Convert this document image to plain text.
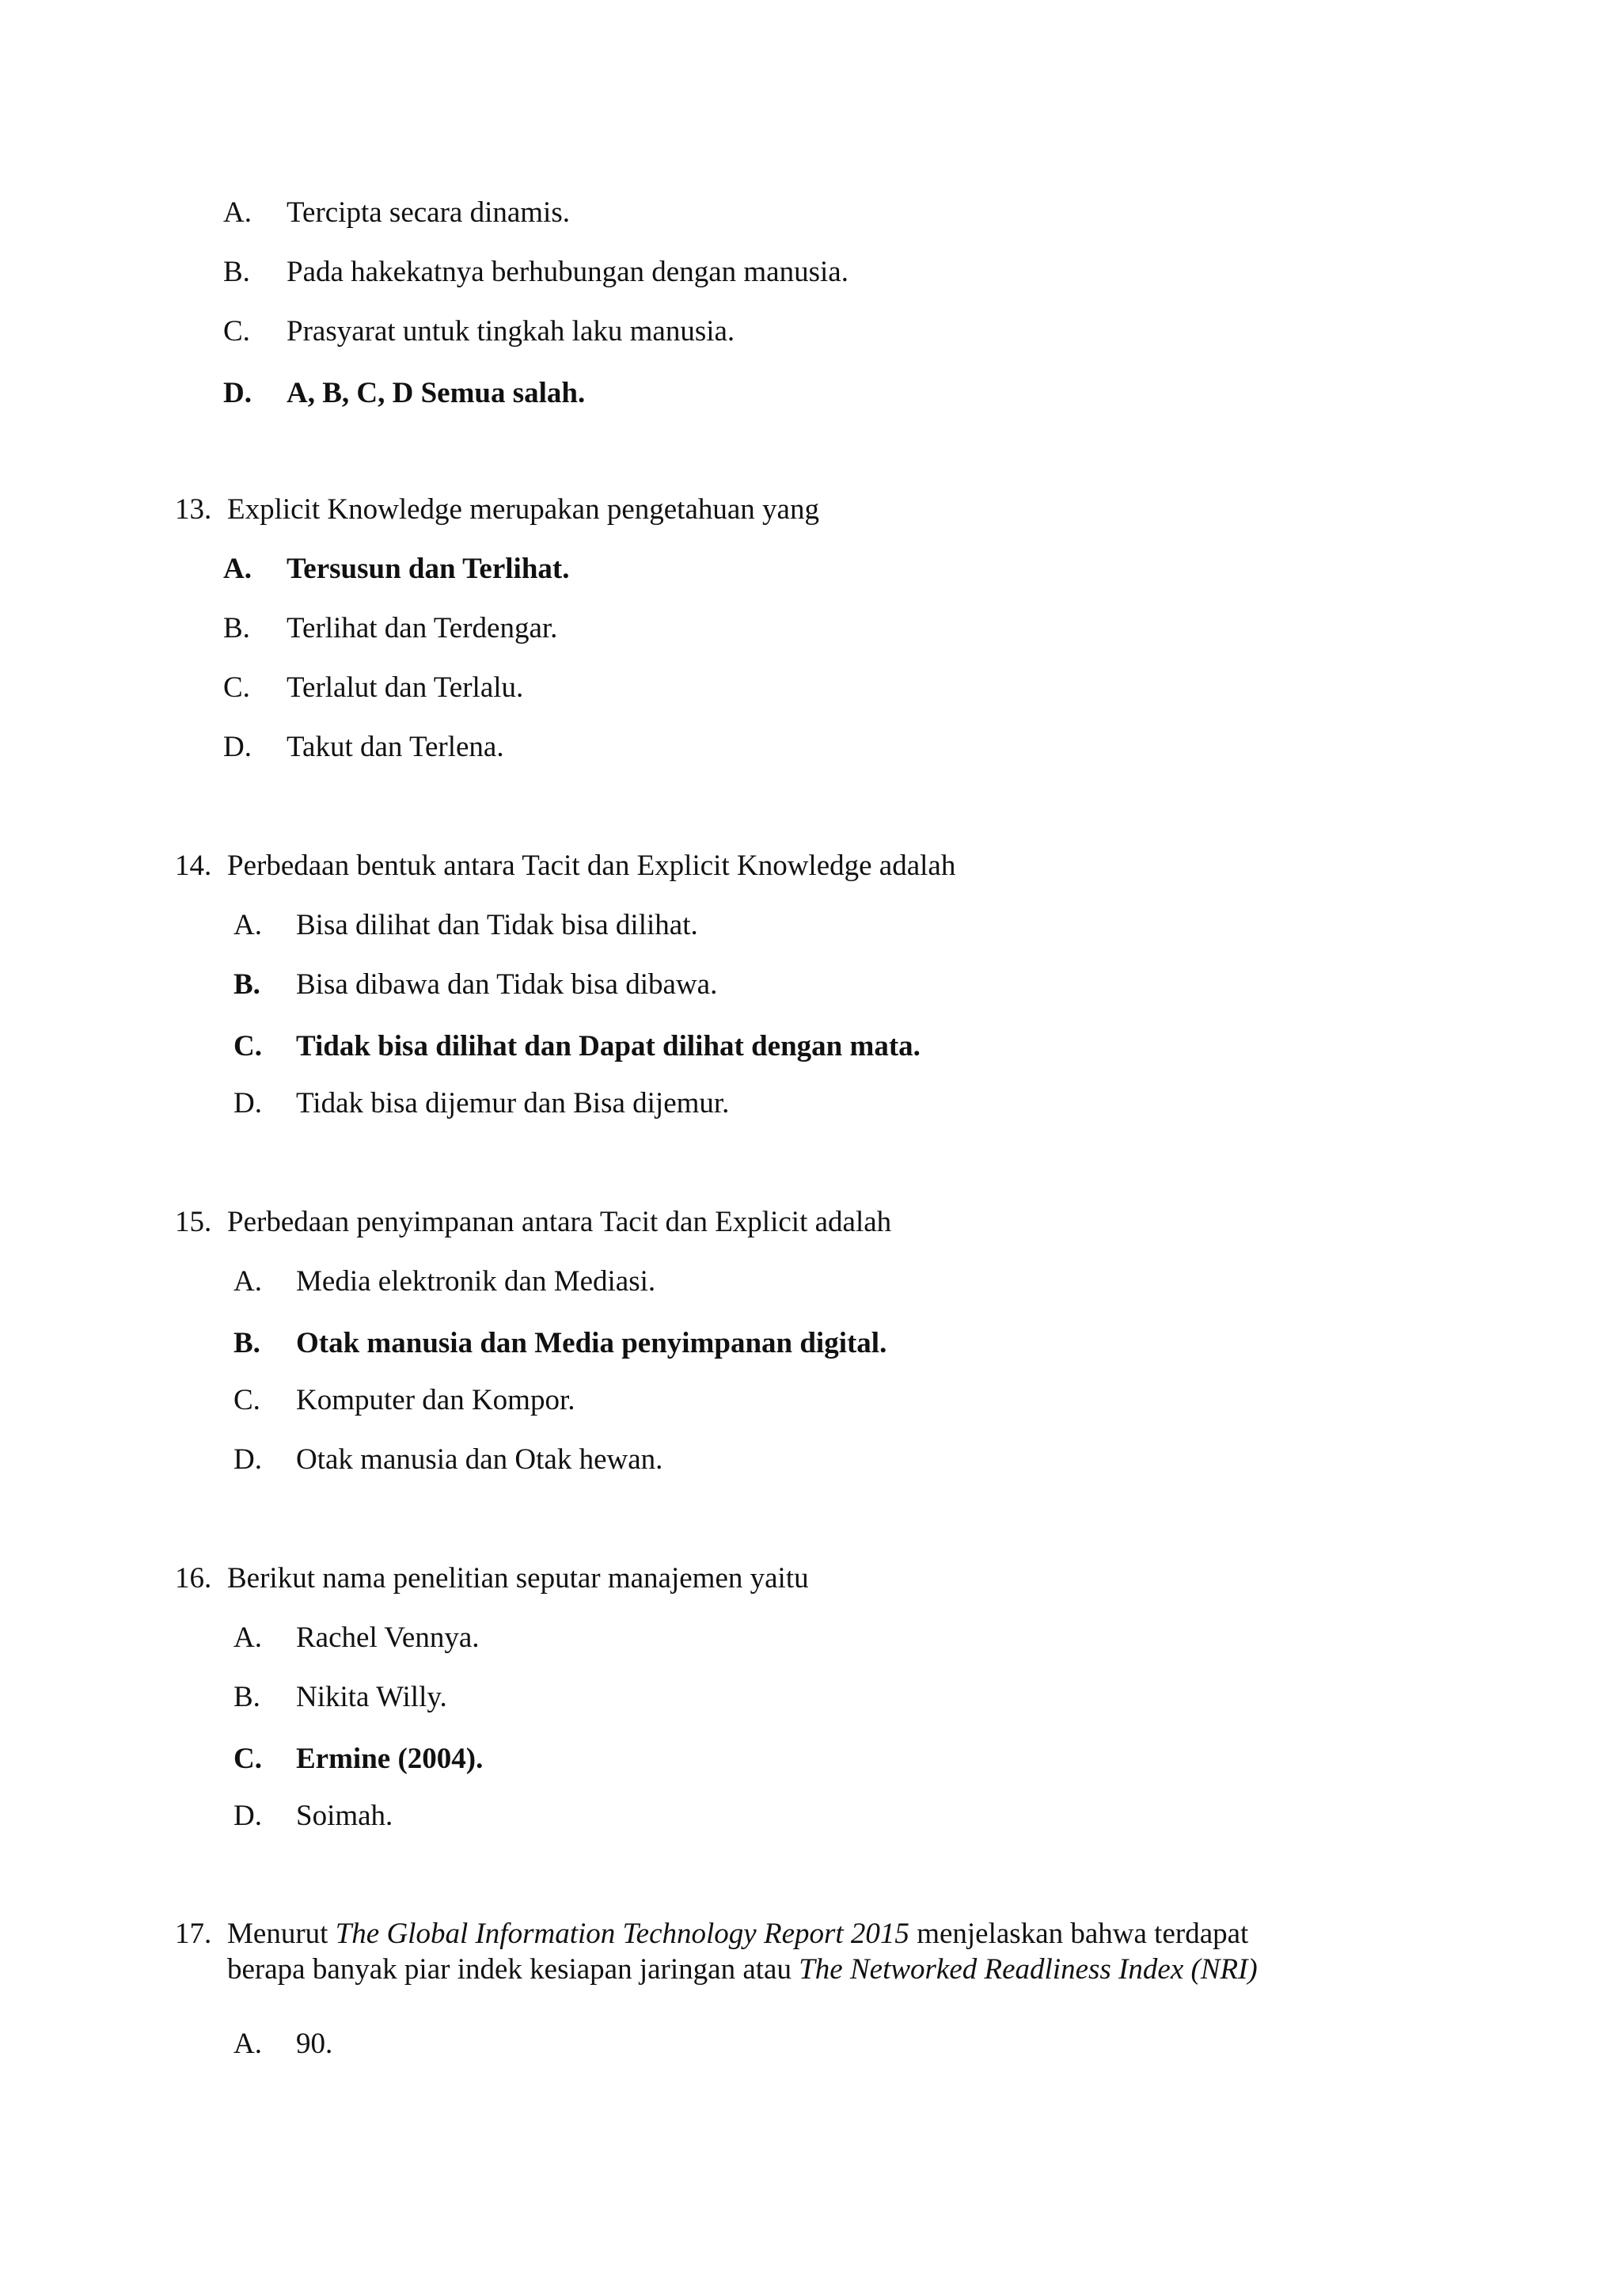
A. Tercipta secara dinamis.
B. Pada hakekatnya berhubungan dengan manusia.
C. Prasyarat untuk tingkah laku manusia.
D. A, B, C, D Semua salah.
13. Explicit Knowledge merupakan pengetahuan yang
A. Tersusun dan Terlihat.
B. Terlihat dan Terdengar.
C. Terlalut dan Terlalu.
D. Takut dan Terlena.
14. Perbedaan bentuk antara Tacit dan Explicit Knowledge adalah
A. Bisa dilihat dan Tidak bisa dilihat.
B. Bisa dibawa dan Tidak bisa dibawa.
C. Tidak bisa dilihat dan Dapat dilihat dengan mata.
D. Tidak bisa dijemur dan Bisa dijemur.
15. Perbedaan penyimpanan antara Tacit dan Explicit adalah
A. Media elektronik dan Mediasi.
B. Otak manusia dan Media penyimpanan digital.
C. Komputer dan Kompor.
D. Otak manusia dan Otak hewan.
16. Berikut nama penelitian seputar manajemen yaitu
A. Rachel Vennya.
B. Nikita Willy.
C. Ermine (2004).
D. Soimah.
17. Menurut The Global Information Technology Report 2015 menjelaskan bahwa terdapat
berapa banyak piar indek kesiapan jaringan atau The Networked Readliness Index (NRI)
A. 90.
